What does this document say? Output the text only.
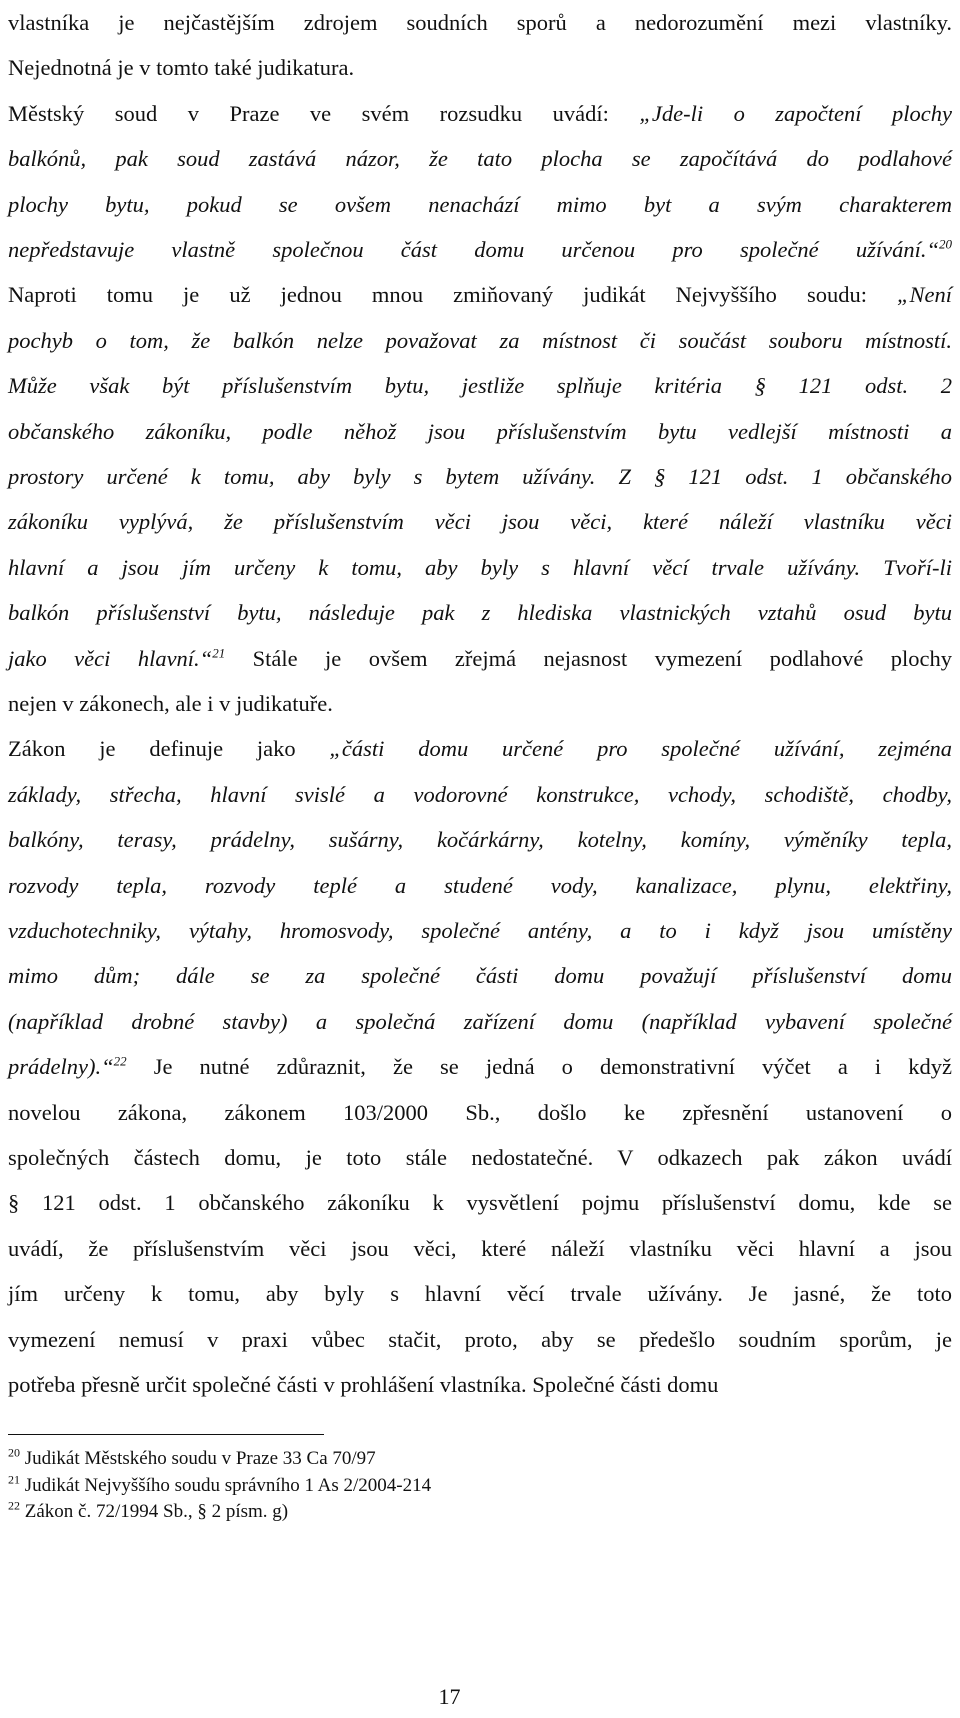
vlastníka je nejčastějším zdrojem soudních sporů a nedorozumění mezi vlastníky.
Nejednotná je v tomto také judikatura.
Městský soud v Praze ve svém rozsudku uvádí: „Jde-li o započtení plochy
balkónů, pak soud zastává názor, že tato plocha se započítává do podlahové
plochy bytu, pokud se ovšem nenachází mimo byt a svým charakterem
nepředstavuje vlastně společnou část domu určenou pro společné užívání.“$^{20}$
Naproti tomu je už jednou mnou zmiňovaný judikát Nejvyššího soudu: „Není
pochyb o tom, že balkón nelze považovat za místnost či součást souboru místností.
Může však být příslušenstvím bytu, jestliže splňuje kritéria § 121 odst. 2
občanského zákoníku, podle něhož jsou příslušenstvím bytu vedlejší místnosti a
prostory určené k tomu, aby byly s bytem užívány. Z § 121 odst. 1 občanského
zákoníku vyplývá, že příslušenstvím věci jsou věci, které náleží vlastníku věci
hlavní a jsou jím určeny k tomu, aby byly s hlavní věcí trvale užívány. Tvoří-li
balkón příslušenství bytu, následuje pak z hlediska vlastnických vztahů osud bytu
jako věci hlavní.“$^{21}$ Stále je ovšem zřejmá nejasnost vymezení podlahové plochy
nejen v zákonech, ale i v judikatuře.
Zákon je definuje jako „části domu určené pro společné užívání, zejména
základy, střecha, hlavní svislé a vodorovné konstrukce, vchody, schodiště, chodby,
balkóny, terasy, prádelny, sušárny, kočárkárny, kotelny, komíny, výměníky tepla,
rozvody tepla, rozvody teplé a studené vody, kanalizace, plynu, elektřiny,
vzduchotechniky, výtahy, hromosvody, společné antény, a to i když jsou umístěny
mimo dům; dále se za společné části domu považují příslušenství domu
(například drobné stavby) a společná zařízení domu (například vybavení společné
prádelny).“$^{22}$ Je nutné zdůraznit, že se jedná o demonstrativní výčet a i když
novelou zákona, zákonem 103/2000 Sb., došlo ke zpřesnění ustanovení o
společných částech domu, je toto stále nedostatečné. V odkazech pak zákon uvádí
§ 121 odst. 1 občanského zákoníku k vysvětlení pojmu příslušenství domu, kde se
uvádí, že příslušenstvím věci jsou věci, které náleží vlastníku věci hlavní a jsou
jím určeny k tomu, aby byly s hlavní věcí trvale užívány. Je jasné, že toto
vymezení nemusí v praxi vůbec stačit, proto, aby se předešlo soudním sporům, je
potřeba přesně určit společné části v prohlášení vlastníka. Společné části domu
$^{20}$ Judikát Městského soudu v Praze 33 Ca 70/97
$^{21}$ Judikát Nejvyššího soudu správního 1 As 2/2004-214
$^{22}$ Zákon č. 72/1994 Sb., § 2 písm. g)
17
